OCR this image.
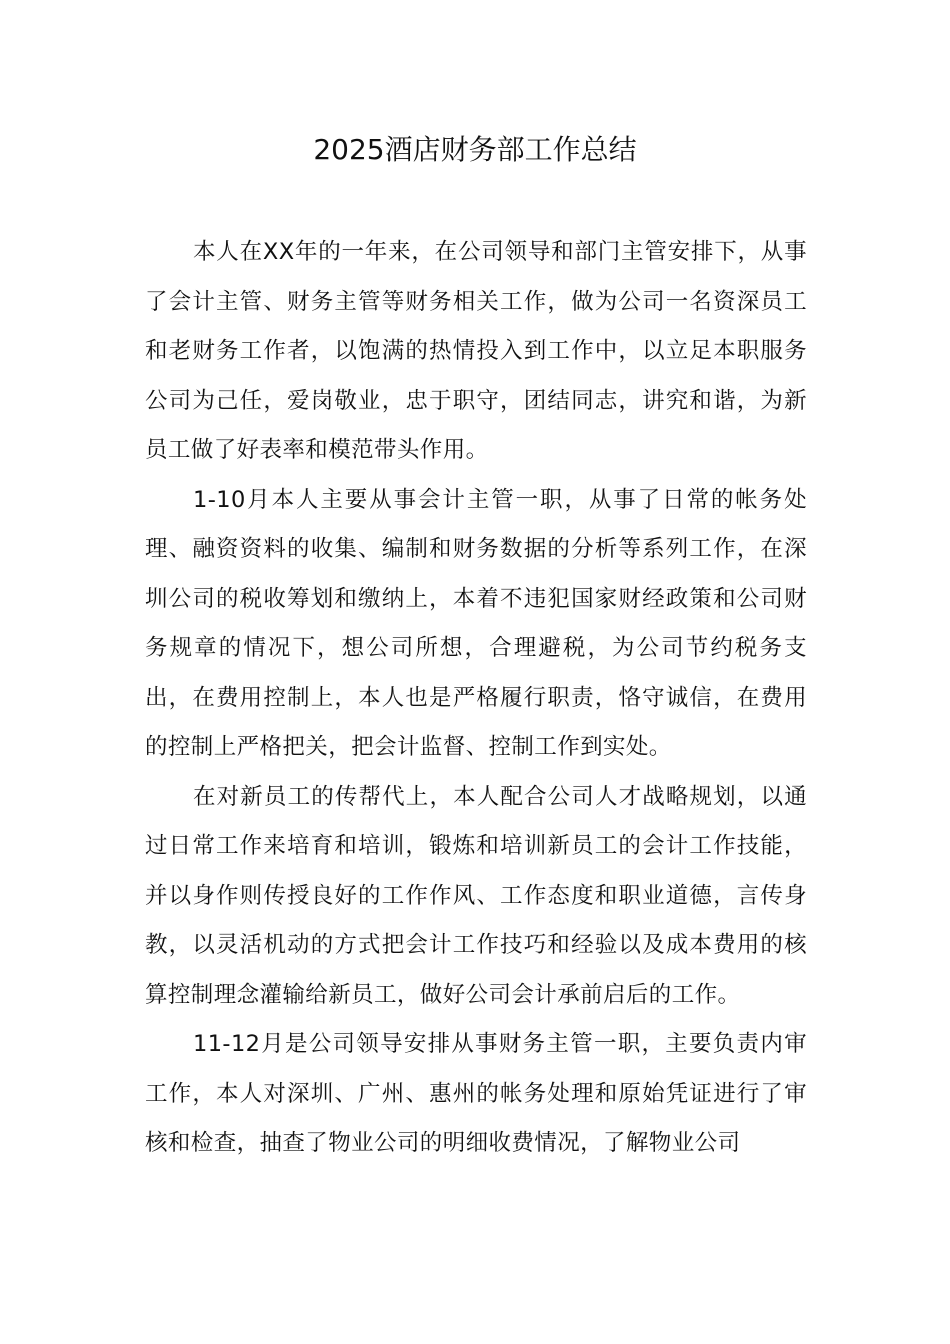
2025酒店财务部工作总结

本人在XX年的一年来，在公司领导和部门主管安排下，从事了会计主管、财务主管等财务相关工作，做为公司一名资深员工和老财务工作者，以饱满的热情投入到工作中，以立足本职服务公司为己任，爱岗敬业，忠于职守，团结同志，讲究和谐，为新员工做了好表率和模范带头作用。

1-10月本人主要从事会计主管一职，从事了日常的帐务处理、融资资料的收集、编制和财务数据的分析等系列工作，在深圳公司的税收筹划和缴纳上，本着不违犯国家财经政策和公司财务规章的情况下，想公司所想，合理避税，为公司节约税务支出，在费用控制上，本人也是严格履行职责，恪守诚信，在费用的控制上严格把关，把会计监督、控制工作到实处。

在对新员工的传帮代上，本人配合公司人才战略规划，以通过日常工作来培育和培训，锻炼和培训新员工的会计工作技能，并以身作则传授良好的工作作风、工作态度和职业道德，言传身教，以灵活机动的方式把会计工作技巧和经验以及成本费用的核算控制理念灌输给新员工，做好公司会计承前启后的工作。

11-12月是公司领导安排从事财务主管一职，主要负责内审工作，本人对深圳、广州、惠州的帐务处理和原始凭证进行了审核和检查，抽查了物业公司的明细收费情况，了解物业公司
